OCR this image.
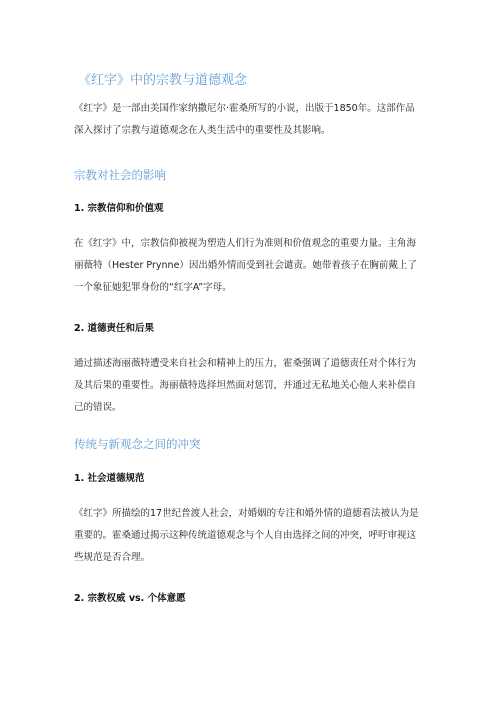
《红字》中的宗教与道德观念

《红字》是一部由美国作家纳撒尼尔·霍桑所写的小说，出版于1850年。这部作品深入探讨了宗教与道德观念在人类生活中的重要性及其影响。

宗教对社会的影响
1. 宗教信仰和价值观

在《红字》中，宗教信仰被视为塑造人们行为准则和价值观念的重要力量。主角海丽薇特（Hester Prynne）因出婚外情而受到社会谴责。她带着孩子在胸前戴上了一个象征她犯罪身份的“红字A”字母。

2. 道德责任和后果

通过描述海丽薇特遭受来自社会和精神上的压力，霍桑强调了道德责任对个体行为及其后果的重要性。海丽薇特选择坦然面对惩罚，并通过无私地关心他人来补偿自己的错误。

传统与新观念之间的冲突
1. 社会道德规范

《红字》所描绘的17世纪普渡人社会，对婚姻的专注和婚外情的道德看法被认为是重要的。霍桑通过揭示这种传统道德观念与个人自由选择之间的冲突，呼吁审视这些规范是否合理。

2. 宗教权威 vs. 个体意愿
